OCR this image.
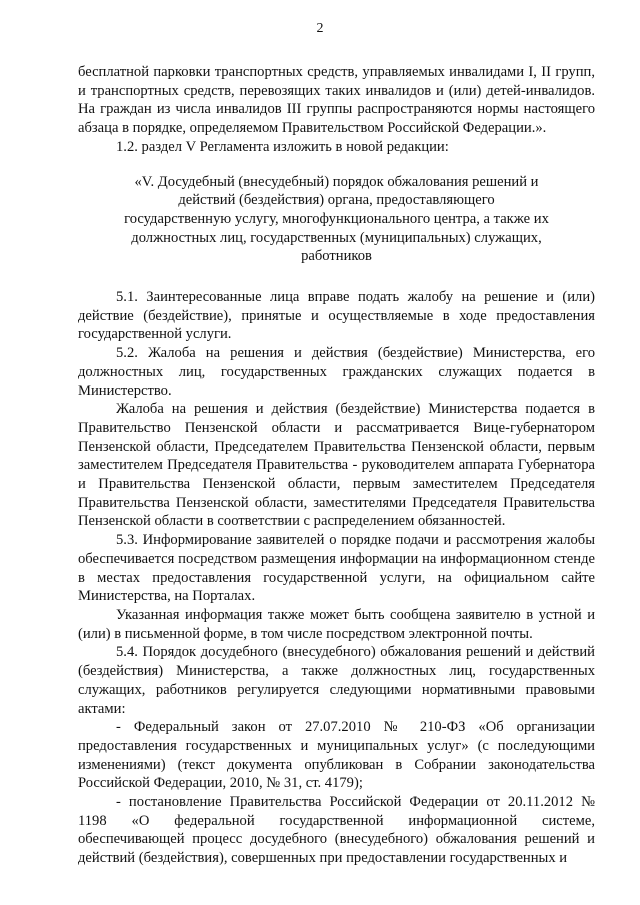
2

бесплатной парковки транспортных средств, управляемых инвалидами I, II групп, и транспортных средств, перевозящих таких инвалидов и (или) детей-инвалидов. На граждан из числа инвалидов III группы распространяются нормы настоящего абзаца в порядке, определяемом Правительством Российской Федерации.».

1.2. раздел V Регламента изложить в новой редакции:

«V. Досудебный (внесудебный) порядок обжалования решений и
действий (бездействия) органа, предоставляющего
государственную услугу, многофункционального центра, а также их
должностных лиц, государственных (муниципальных) служащих,
работников

5.1. Заинтересованные лица вправе подать жалобу на решение и (или) действие (бездействие), принятые и осуществляемые в ходе предоставления государственной услуги.

5.2. Жалоба на решения и действия (бездействие) Министерства, его должностных лиц, государственных гражданских служащих подается в Министерство.

Жалоба на решения и действия (бездействие) Министерства подается в Правительство Пензенской области и рассматривается Вице-губернатором Пензенской области, Председателем Правительства Пензенской области, первым заместителем Председателя Правительства - руководителем аппарата Губернатора и Правительства Пензенской области, первым заместителем Председателя Правительства Пензенской области, заместителями Председателя Правительства Пензенской области в соответствии с распределением обязанностей.

5.3. Информирование заявителей о порядке подачи и рассмотрения жалобы обеспечивается посредством размещения информации на информационном стенде в местах предоставления государственной услуги, на официальном сайте Министерства, на Порталах.

Указанная информация также может быть сообщена заявителю в устной и (или) в письменной форме, в том числе посредством электронной почты.

5.4. Порядок досудебного (внесудебного) обжалования решений и действий (бездействия) Министерства, а также должностных лиц, государственных служащих, работников регулируется следующими нормативными правовыми актами:

- Федеральный закон от 27.07.2010 № 210-ФЗ «Об организации предоставления государственных и муниципальных услуг» (с последующими изменениями) (текст документа опубликован в Собрании законодательства Российской Федерации, 2010, № 31, ст. 4179);

- постановление Правительства Российской Федерации от 20.11.2012 № 1198 «О федеральной государственной информационной системе, обеспечивающей процесс досудебного (внесудебного) обжалования решений и действий (бездействия), совершенных при предоставлении государственных и
